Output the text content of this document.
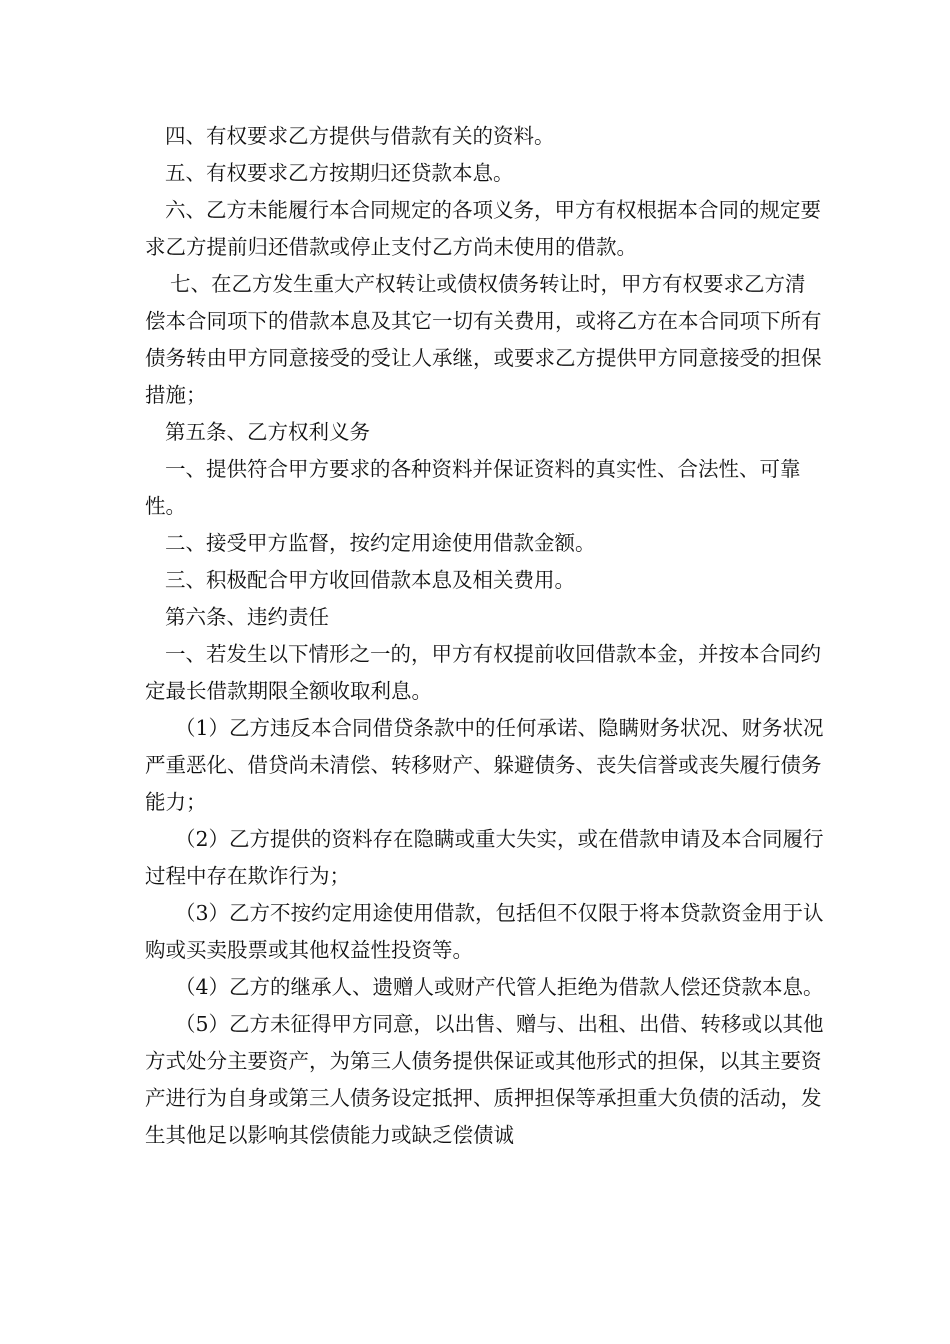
四、有权要求乙方提供与借款有关的资料。

五、有权要求乙方按期归还贷款本息。

六、乙方未能履行本合同规定的各项义务，甲方有权根据本合同的规定要求乙方提前归还借款或停止支付乙方尚未使用的借款。

七、在乙方发生重大产权转让或债权债务转让时，甲方有权要求乙方清偿本合同项下的借款本息及其它一切有关费用，或将乙方在本合同项下所有债务转由甲方同意接受的受让人承继，或要求乙方提供甲方同意接受的担保措施；

第五条、乙方权利义务

一、提供符合甲方要求的各种资料并保证资料的真实性、合法性、可靠性。

二、接受甲方监督，按约定用途使用借款金额。

三、积极配合甲方收回借款本息及相关费用。

第六条、违约责任

一、若发生以下情形之一的，甲方有权提前收回借款本金，并按本合同约定最长借款期限全额收取利息。

（1）乙方违反本合同借贷条款中的任何承诺、隐瞒财务状况、财务状况严重恶化、借贷尚未清偿、转移财产、躲避债务、丧失信誉或丧失履行债务能力；

（2）乙方提供的资料存在隐瞒或重大失实，或在借款申请及本合同履行过程中存在欺诈行为；

（3）乙方不按约定用途使用借款，包括但不仅限于将本贷款资金用于认购或买卖股票或其他权益性投资等。

（4）乙方的继承人、遗赠人或财产代管人拒绝为借款人偿还贷款本息。

（5）乙方未征得甲方同意，以出售、赠与、出租、出借、转移或以其他方式处分主要资产，为第三人债务提供保证或其他形式的担保，以其主要资产进行为自身或第三人债务设定抵押、质押担保等承担重大负债的活动，发生其他足以影响其偿债能力或缺乏偿债诚
